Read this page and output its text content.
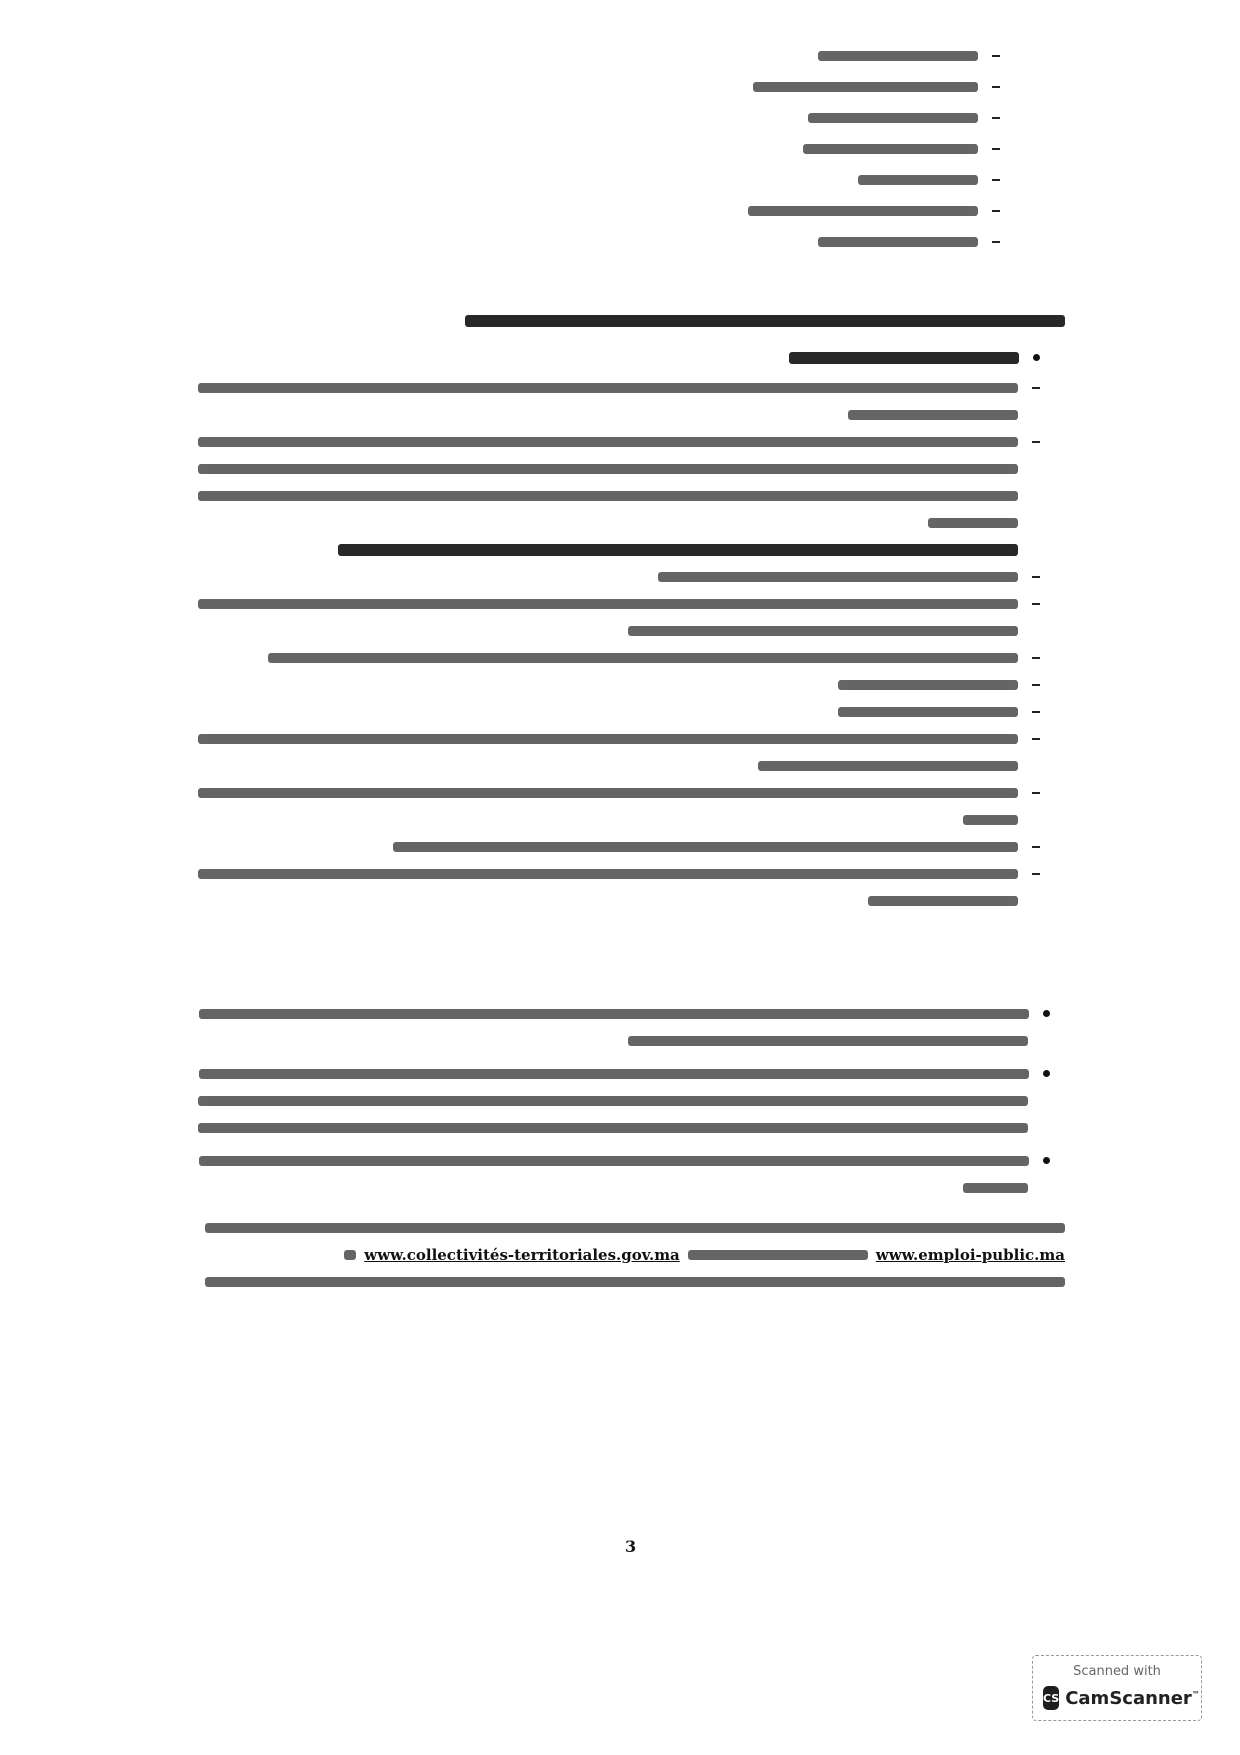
www.collectivités-territoriales.gov.ma	www.emploi-public.ma
3
Scanned with
CS CamScanner™
